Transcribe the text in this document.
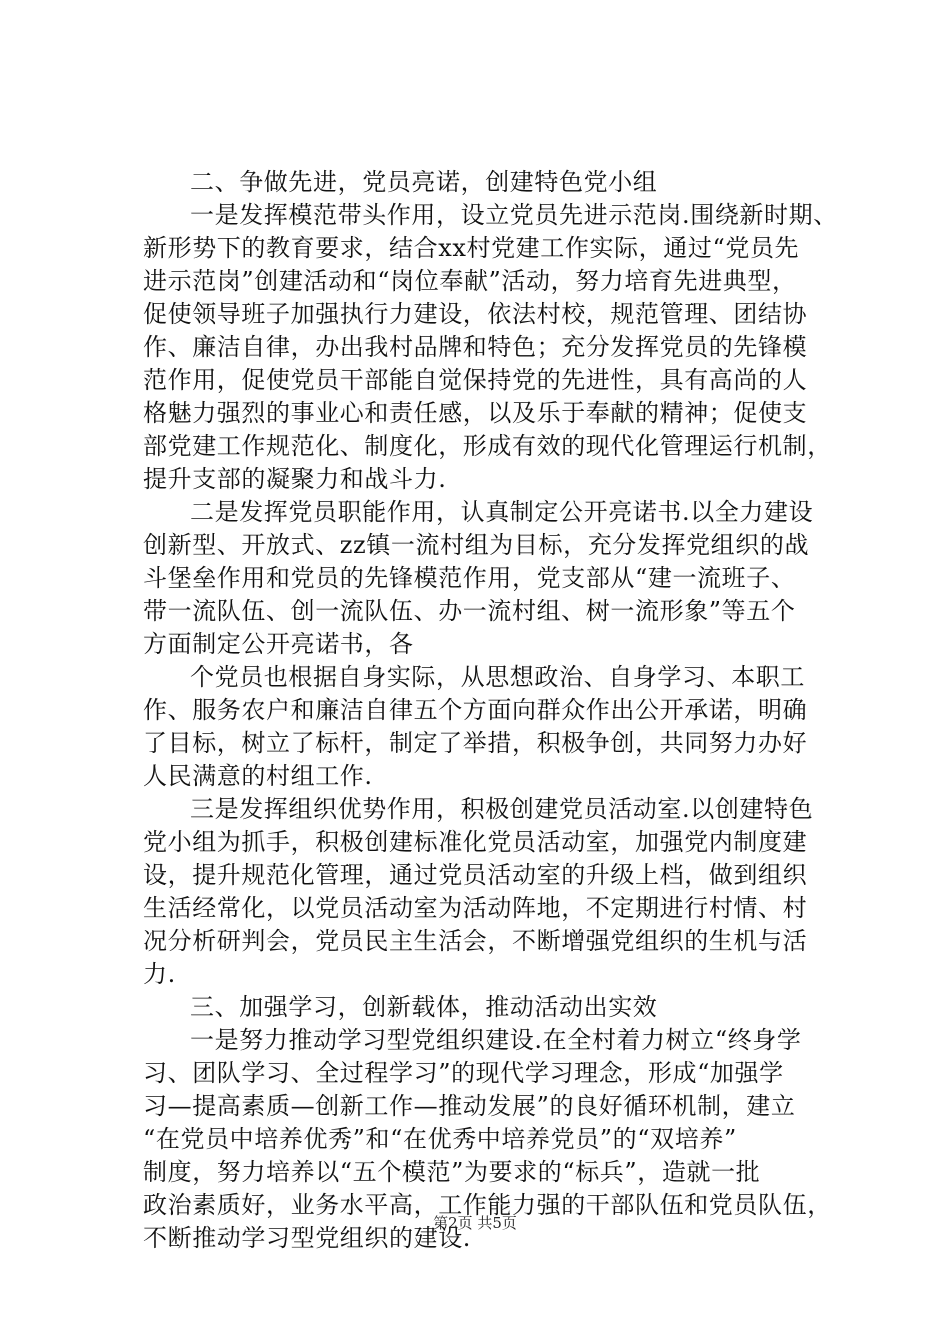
二、争做先进，党员亮诺，创建特色党小组
一是发挥模范带头作用，设立党员先进示范岗.围绕新时期、
新形势下的教育要求，结合xx村党建工作实际，通过“党员先
进示范岗”创建活动和“岗位奉献”活动，努力培育先进典型，
促使领导班子加强执行力建设，依法村校，规范管理、团结协
作、廉洁自律，办出我村品牌和特色；充分发挥党员的先锋模
范作用，促使党员干部能自觉保持党的先进性，具有高尚的人
格魅力强烈的事业心和责任感，以及乐于奉献的精神；促使支
部党建工作规范化、制度化，形成有效的现代化管理运行机制，
提升支部的凝聚力和战斗力.
二是发挥党员职能作用，认真制定公开亮诺书.以全力建设
创新型、开放式、zz镇一流村组为目标，充分发挥党组织的战
斗堡垒作用和党员的先锋模范作用，党支部从“建一流班子、
带一流队伍、创一流队伍、办一流村组、树一流形象”等五个
方面制定公开亮诺书，各
个党员也根据自身实际，从思想政治、自身学习、本职工
作、服务农户和廉洁自律五个方面向群众作出公开承诺，明确
了目标，树立了标杆，制定了举措，积极争创，共同努力办好
人民满意的村组工作.
三是发挥组织优势作用，积极创建党员活动室.以创建特色
党小组为抓手，积极创建标准化党员活动室，加强党内制度建
设，提升规范化管理，通过党员活动室的升级上档，做到组织
生活经常化，以党员活动室为活动阵地，不定期进行村情、村
况分析研判会，党员民主生活会，不断增强党组织的生机与活
力.
三、加强学习，创新载体，推动活动出实效
一是努力推动学习型党组织建设.在全村着力树立“终身学
习、团队学习、全过程学习”的现代学习理念，形成“加强学
习—提高素质—创新工作—推动发展”的良好循环机制，建立
“在党员中培养优秀”和“在优秀中培养党员”的“双培养”
制度，努力培养以“五个模范”为要求的“标兵”，造就一批
政治素质好，业务水平高，工作能力强的干部队伍和党员队伍，
不断推动学习型党组织的建设.
第2页 共5页
